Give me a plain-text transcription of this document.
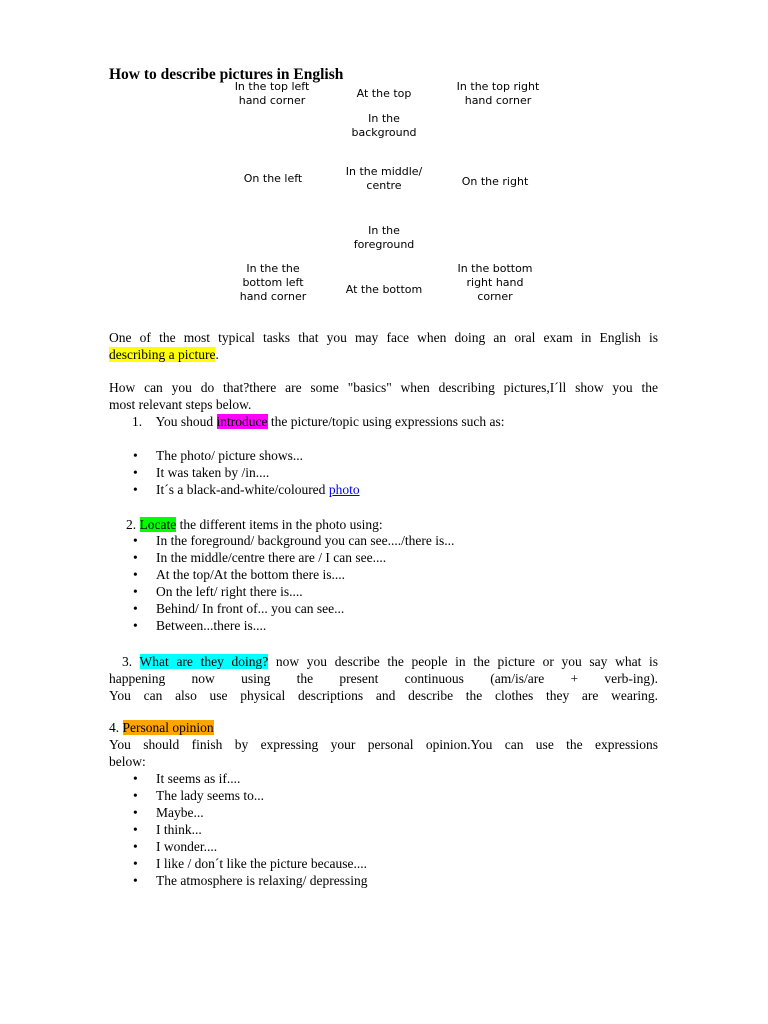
How to describe pictures in English
In the top left
hand corner
At the top
In the top right
hand corner
In the
background
On the left
In the middle/
centre	On the right
In the
foreground
In the the
bottom left
hand corner
At the bottom
In the bottom
right hand
corner
One of the most typical tasks that you may face when doing an oral exam in English is
describing a picture.
How can you do that?there are some "basics" when describing pictures,I´ll show you the
most relevant steps below.
1. You shoud introduce the picture/topic using expressions such as:
• The photo/ picture shows...
• It was taken by /in....
• It´s a black-and-white/coloured photo
2. Locate the different items in the photo using:
• In the foreground/ background you can see..../there is...
• In the middle/centre there are / I can see....
• At the top/At the bottom there is....
• On the left/ right there is....
• Behind/ In front of... you can see...
• Between...there is....
3. What are they doing? now you describe the people in the picture or you say what is
happening now using the present continuous (am/is/are + verb-ing).
You can also use physical descriptions and describe the clothes they are wearing.
4. Personal opinion
You should finish by expressing your personal opinion.You can use the expressions
below:
• It seems as if....
• The lady seems to...
• Maybe...
• I think...
• I wonder....
• I like / don´t like the picture because....
• The atmosphere is relaxing/ depressing
